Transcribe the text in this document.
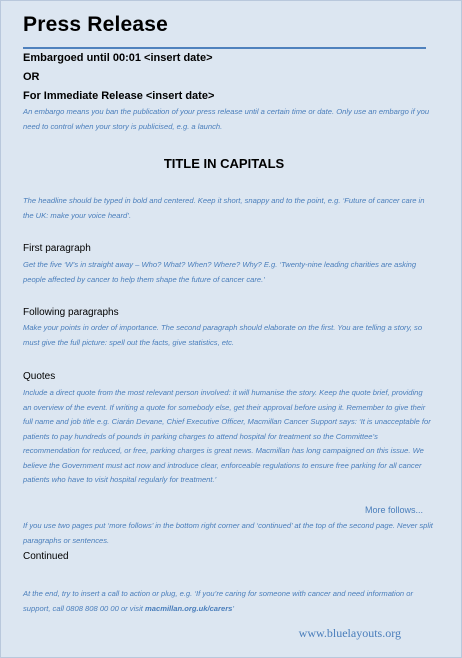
Press Release
Embargoed until 00:01 <insert date>
OR
For Immediate Release <insert date>
An embargo means you ban the publication of your press release until a certain time or date. Only use an embargo if you need to control when your story is publicised, e.g. a launch.
TITLE IN CAPITALS
The headline should be typed in bold and centered. Keep it short, snappy and to the point, e.g. ‘Future of cancer care in the UK: make your voice heard’.
First paragraph
Get the five ‘W’s in straight away – Who? What? When? Where? Why? E.g. ‘Twenty-nine leading charities are asking people affected by cancer to help them shape the future of cancer care.’
Following paragraphs
Make your points in order of importance. The second paragraph should elaborate on the first. You are telling a story, so must give the full picture: spell out the facts, give statistics, etc.
Quotes
Include a direct quote from the most relevant person involved: it will humanise the story. Keep the quote brief, providing an overview of the event. If writing a quote for somebody else, get their approval before using it. Remember to give their full name and job title e.g. Ciarán Devane, Chief Executive Officer, Macmillan Cancer Support says: ‘It is unacceptable for patients to pay hundreds of pounds in parking charges to attend hospital for treatment so the Committee’s recommendation for reduced, or free, parking charges is great news. Macmillan has long campaigned on this issue. We believe the Government must act now and introduce clear, enforceable regulations to ensure free parking for all cancer patients who have to visit hospital regularly for treatment.’
More follows...
If you use two pages put ‘more follows’ in the bottom right corner and ‘continued’ at the top of the second page. Never split paragraphs or sentences.
Continued
At the end, try to insert a call to action or plug, e.g. ‘If you’re caring for someone with cancer and need information or support, call 0808 808 00 00 or visit macmillan.org.uk/carers’
www.bluelayouts.org
